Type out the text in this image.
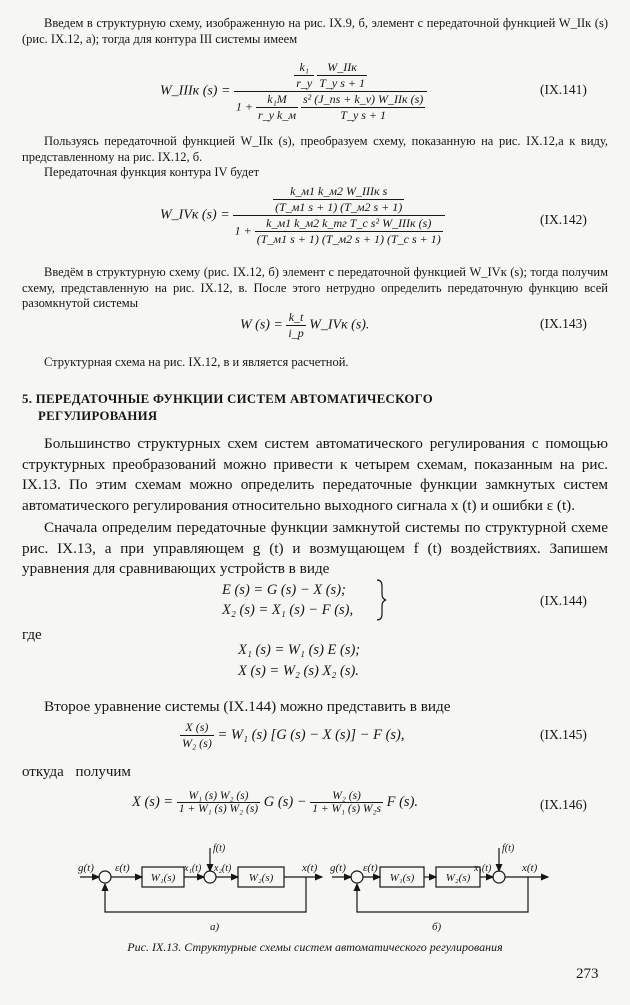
Введем в структурную схему, изображенную на рис. IX.9, б, элемент с передаточной функцией W_IIк (s) (рис. IX.12, а); тогда для контура III системы имеем

W_IIIк (s) =
$\frac{\text{k₁}}{r\_y}$
$\frac{\text{W\_IIк}}{\text{T\_y s + 1}}$
$1 + \frac{\text{k₁M}}{\text{r\_y k\_м}}$
$\frac{\text{s² (J\_пs + k\_v) W\_IIк (s)}}{\text{T\_y s + 1}}$
(IX.141)

Пользуясь передаточной функцией W_IIк (s), преобразуем схему, показанную на рис. IX.12,а к виду, представленному на рис. IX.12, б.

Передаточная функция контура IV будет

W_IVк (s) =	$\frac{\text{k\_м1 k\_м2 W\_IIIк s}}{(T\_м1 s + 1) (T\_м2 s + 1)}$
$1 + \frac{\text{k\_м1 k\_м2 k\_тг T\_c s² W\_IIIк (s)}}{\text{(T\_м1 s + 1) (T\_м2 s + 1) (T\_c s + 1)}}$	(IX.142)

Введём в структурную схему (рис. IX.12, б) элемент с передаточной функцией W_IVк (s); тогда получим схему, представленную на рис. IX.12, в. После этого нетрудно определить передаточную функцию всей разомкнутой системы

W $(s) = \frac{k\_t}{i\_p}$ W_IVк (s).	(IX.143)

Структурная схема на рис. IX.12, в и является расчетной.

5. ПЕРЕДАТОЧНЫЕ ФУНКЦИИ СИСТЕМ АВТОМАТИЧЕСКОГО
РЕГУЛИРОВАНИЯ

Большинство структурных схем систем автоматического регулирования с помощью структурных преобразований можно привести к четырем схемам, показанным на рис. IX.13. По этим схемам можно определить передаточные функции замкнутых систем автоматического регулирования относительно выходного сигнала x (t) и ошибки ε (t).

Сначала определим передаточные функции замкнутой системы по структурной схеме рис. IX.13, а при управляющем g (t) и возмущающем f (t) воздействиях. Запишем уравнения для сравнивающих устройств в виде

E (s) = G (s) − X (s);
X₂ (s) = X₁ (s) − F (s),
(IX.144)
где
X₁ (s) = W₁ (s) E (s);
X (s) = W₂ (s) X₂ (s).

Второе уравнение системы (IX.144) можно представить в виде

$\frac{X (s)}{\text{W₂ (s)}} = W_1$ (s) [G (s) − X (s)] − F (s),	(IX.145)
откуда получим
X $(s) = \frac{\text{W₁ (s) W₂ (s)}}{\text{1 + W₁ (s) W₂ (s)}}$ G $(s) - \frac{\text{W₂ (s)}}{\text{1 + W₁ (s) W₂s}}$ F (s).	(IX.146)
g(t) ε(t)
W₁(s)
x₁(t) x₂(t)
f(t)
W₂(s)
x(t)
а)
g(t) ε(t)
W₁(s)	W₂(s)
x₁(t)
f(t)
x(t)
б)

Рис. IX.13. Структурные схемы систем автоматического регулирования

273
